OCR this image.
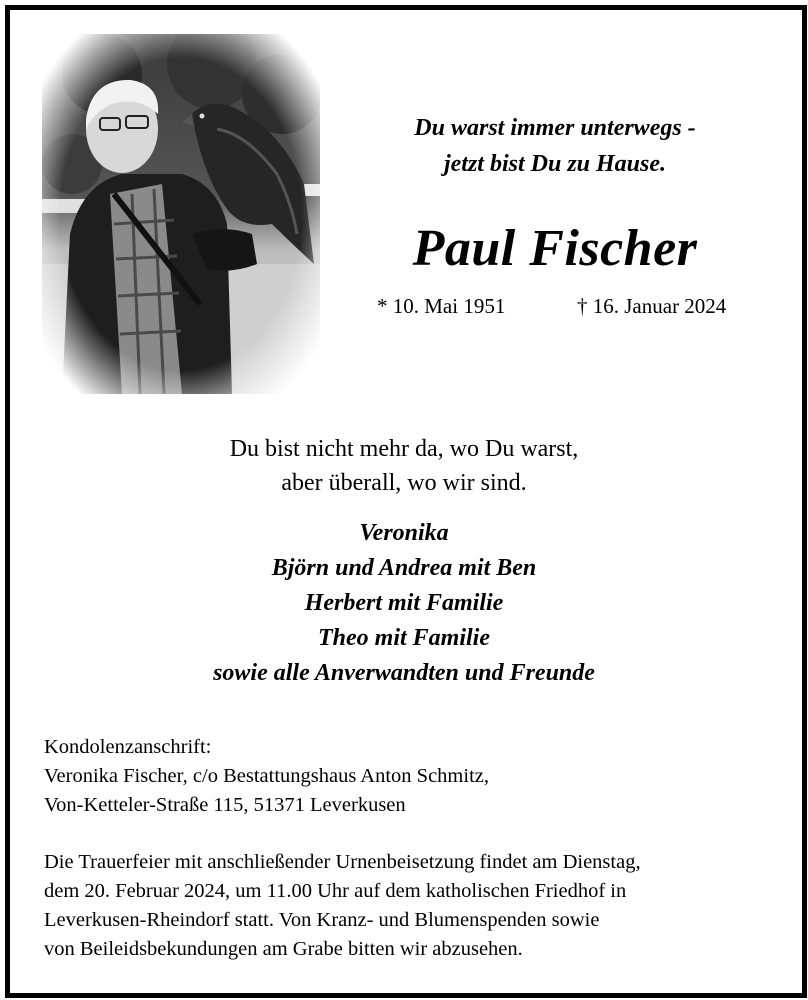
Du warst immer unterwegs -
jetzt bist Du zu Hause.
Paul Fischer
* 10. Mai 1951	† 16. Januar 2024
Du bist nicht mehr da, wo Du warst,
aber überall, wo wir sind.
Veronika
Björn und Andrea mit Ben
Herbert mit Familie
Theo mit Familie
sowie alle Anverwandten und Freunde
Kondolenzanschrift:
Veronika Fischer, c/o Bestattungshaus Anton Schmitz,
Von-Ketteler-Straße 115, 51371 Leverkusen
Die Trauerfeier mit anschließender Urnenbeisetzung findet am Dienstag,
dem 20. Februar 2024, um 11.00 Uhr auf dem katholischen Friedhof in
Leverkusen-Rheindorf statt. Von Kranz- und Blumenspenden sowie
von Beileidsbekundungen am Grabe bitten wir abzusehen.
